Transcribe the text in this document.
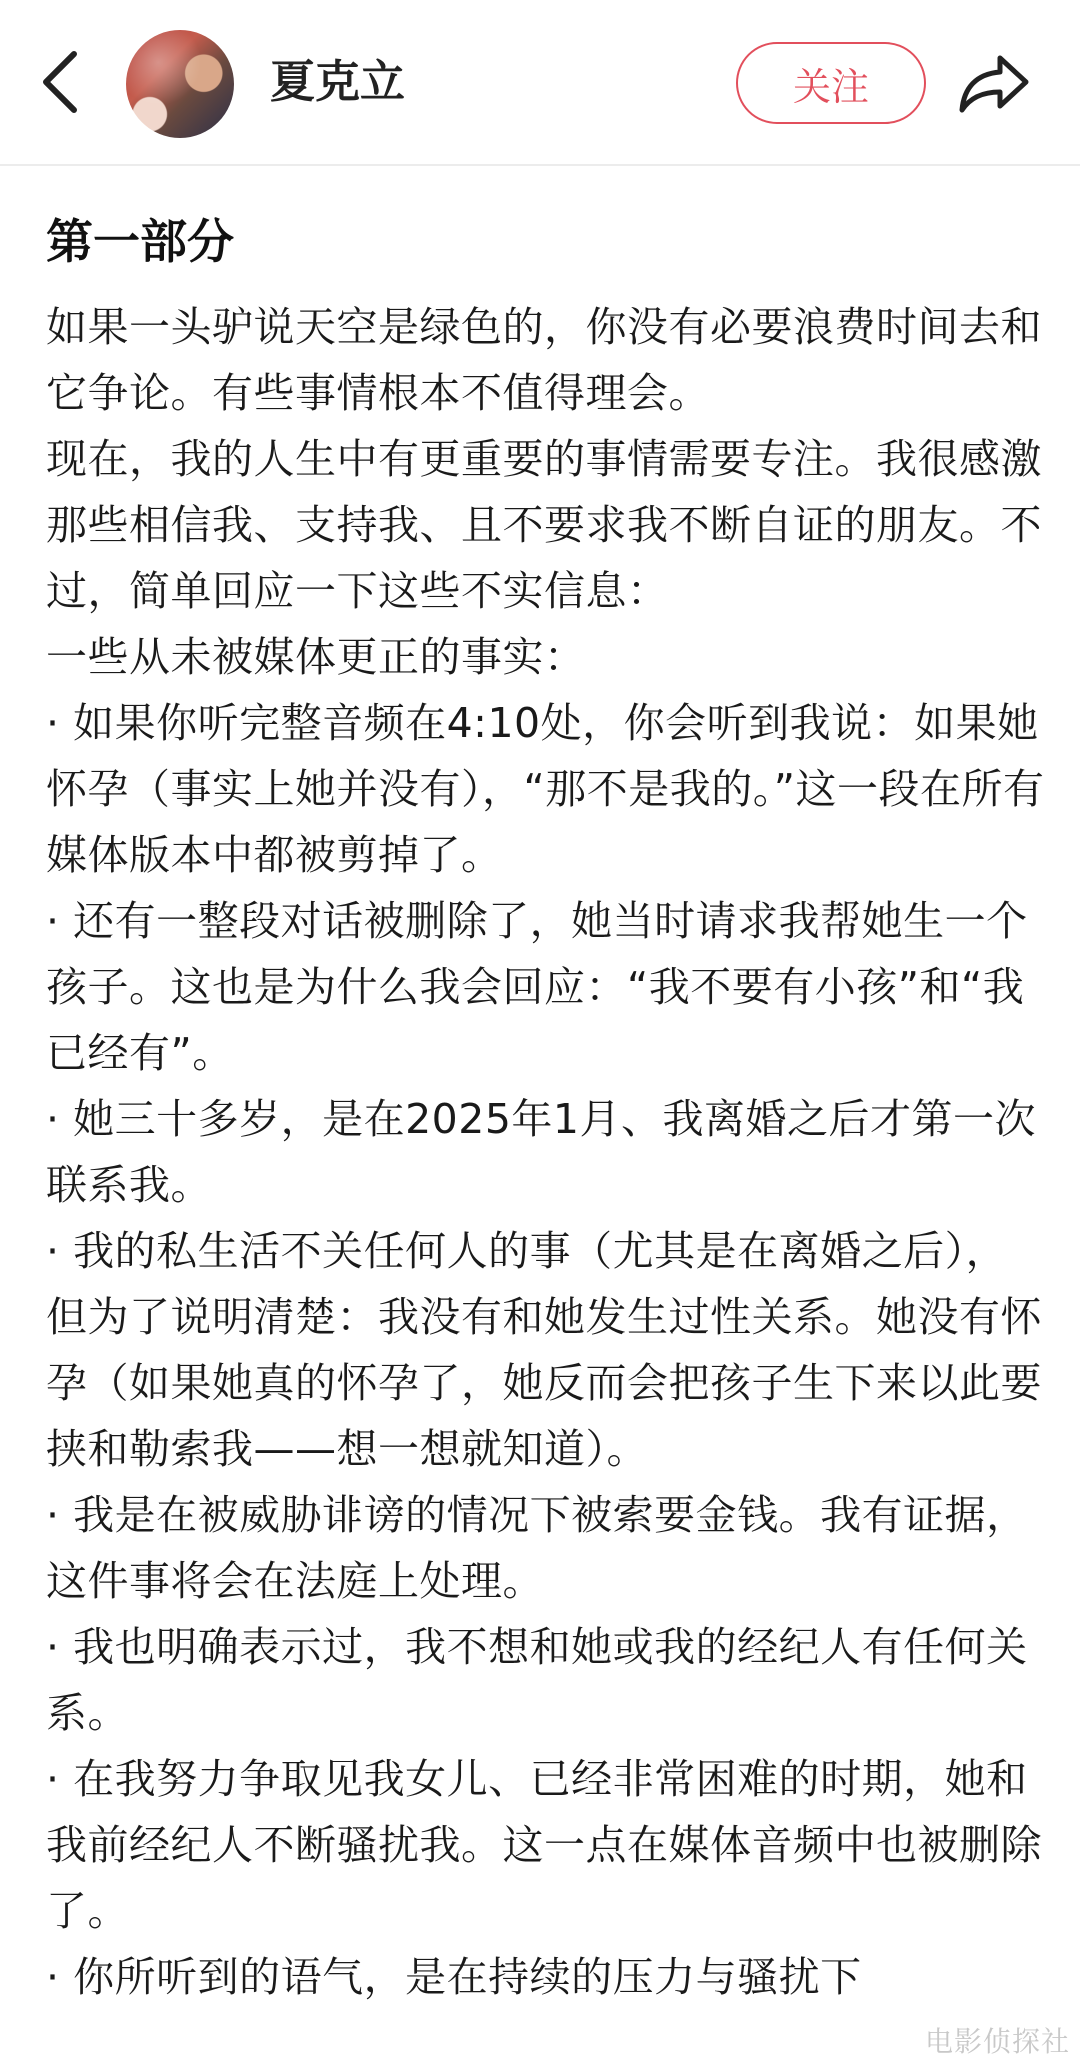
夏克立	关注
第一部分

如果一头驴说天空是绿色的，你没有必要浪费时间去和它争论。有些事情根本不值得理会。

现在，我的人生中有更重要的事情需要专注。我很感激那些相信我、支持我、且不要求我不断自证的朋友。不过，简单回应一下这些不实信息：

一些从未被媒体更正的事实：

· 如果你听完整音频在4:10处，你会听到我说：如果她怀孕（事实上她并没有），“那不是我的。”这一段在所有媒体版本中都被剪掉了。

· 还有一整段对话被删除了，她当时请求我帮她生一个孩子。这也是为什么我会回应：“我不要有小孩”和“我已经有”。

· 她三十多岁，是在2025年1月、我离婚之后才第一次联系我。

· 我的私生活不关任何人的事（尤其是在离婚之后），但为了说明清楚：我没有和她发生过性关系。她没有怀孕（如果她真的怀孕了，她反而会把孩子生下来以此要挟和勒索我——想一想就知道）。

· 我是在被威胁诽谤的情况下被索要金钱。我有证据，这件事将会在法庭上处理。

· 我也明确表示过，我不想和她或我的经纪人有任何关系。

· 在我努力争取见我女儿、已经非常困难的时期，她和我前经纪人不断骚扰我。这一点在媒体音频中也被删除了。

· 你所听到的语气，是在持续的压力与骚扰下

电影侦探社
